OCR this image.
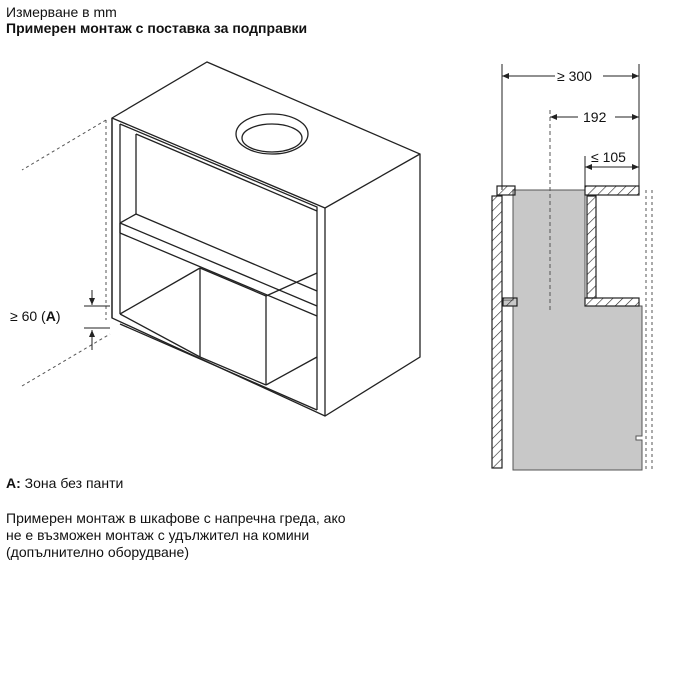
Измерване в mm
Примерен монтаж с поставка за подправки
≥ 60 (A)
≥ 300
192
≤ 105
A: Зона без панти
Примерен монтаж в шкафове с напречна греда, ако
не е възможен монтаж с удължител на комини
(допълнително оборудване)
